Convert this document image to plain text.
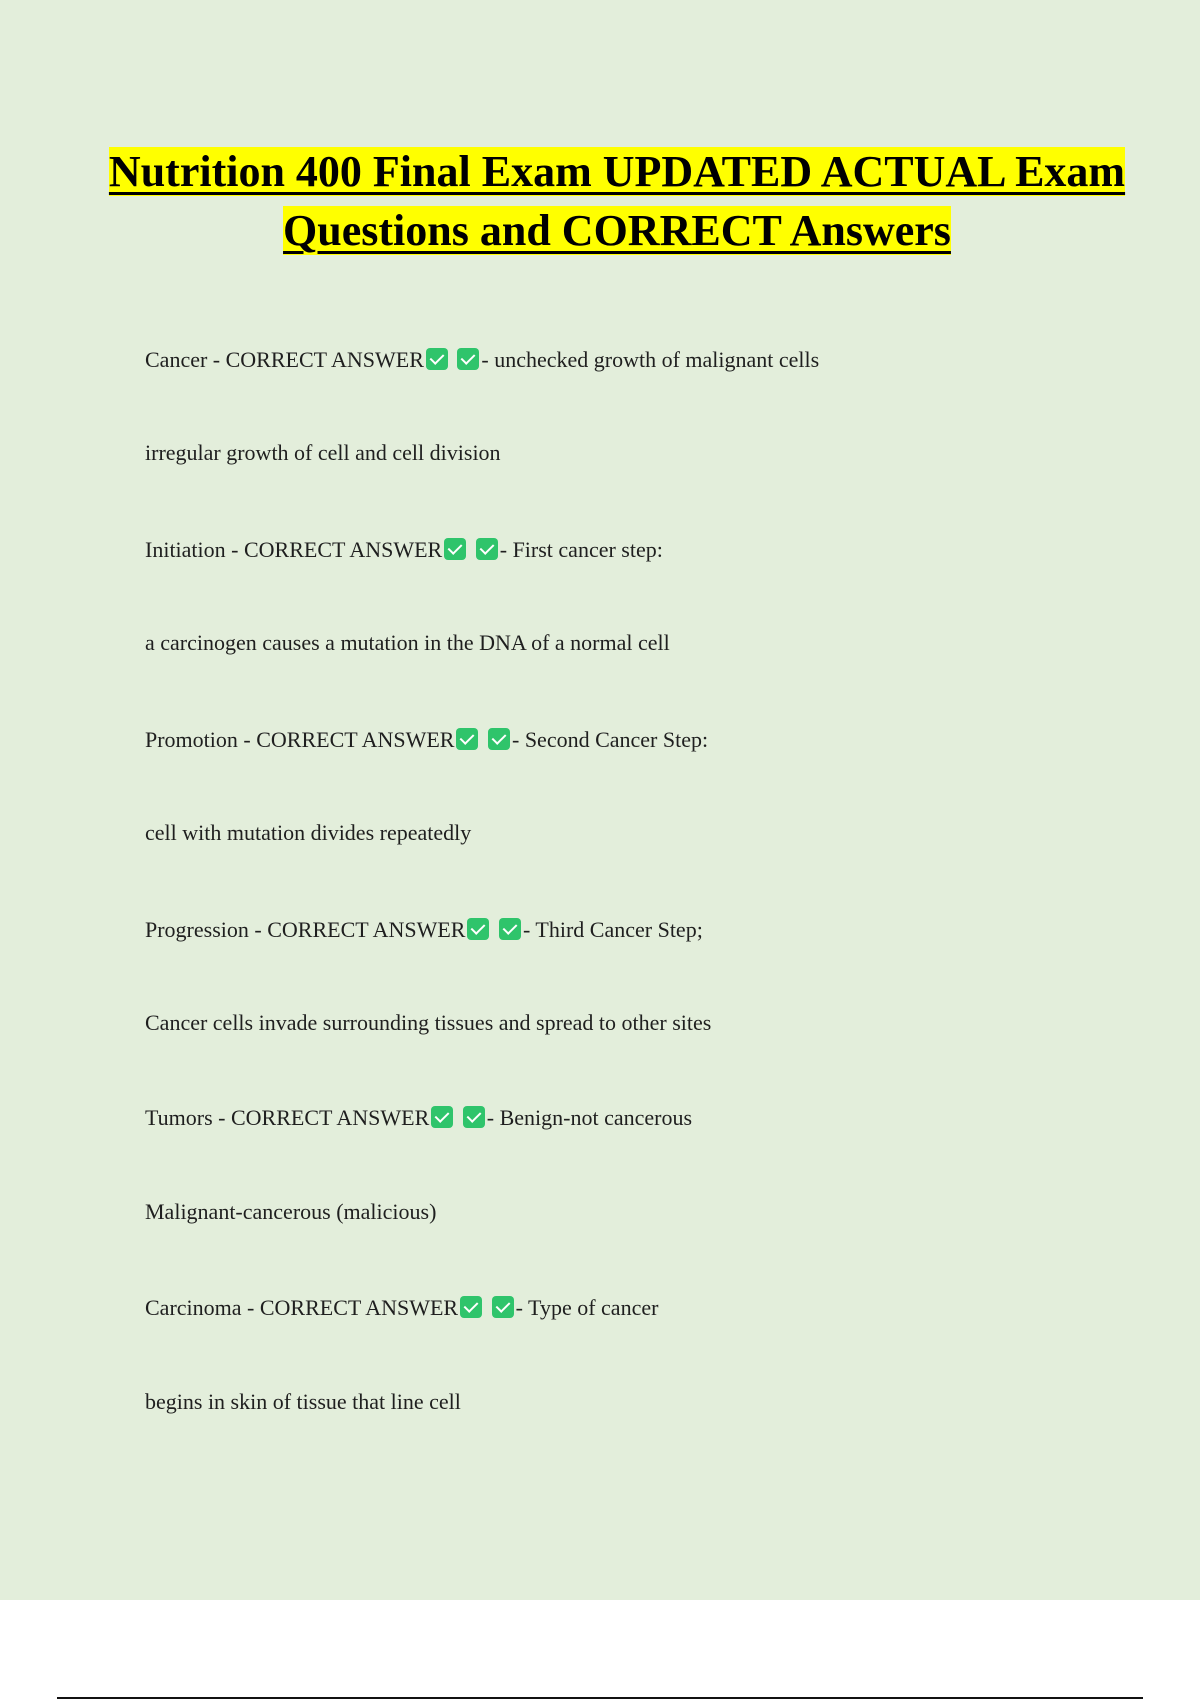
Nutrition 400 Final Exam UPDATED ACTUAL Exam Questions and CORRECT Answers
Cancer - CORRECT ANSWER	- unchecked growth of malignant cells
irregular growth of cell and cell division
Initiation - CORRECT ANSWER	- First cancer step:
a carcinogen causes a mutation in the DNA of a normal cell
Promotion - CORRECT ANSWER	- Second Cancer Step:
cell with mutation divides repeatedly
Progression - CORRECT ANSWER	- Third Cancer Step;
Cancer cells invade surrounding tissues and spread to other sites
Tumors - CORRECT ANSWER	- Benign-not cancerous
Malignant-cancerous (malicious)
Carcinoma - CORRECT ANSWER	- Type of cancer
begins in skin of tissue that line cell
